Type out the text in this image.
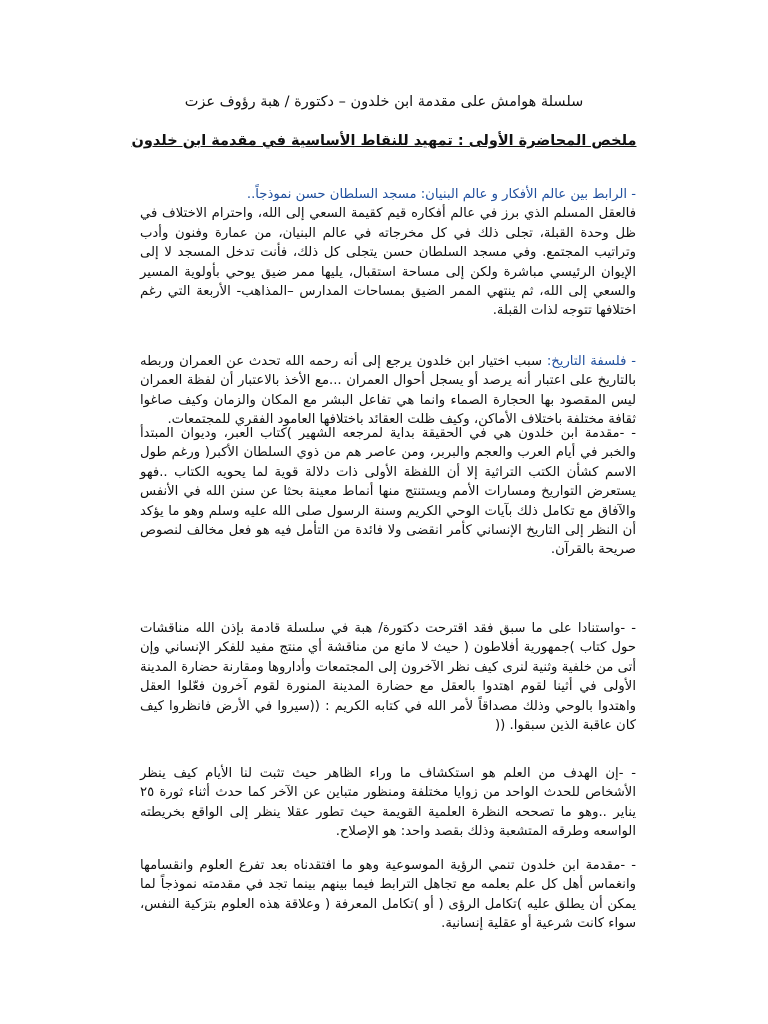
سلسلة هوامش على مقدمة ابن خلدون – دكتورة / هبة رؤوف عزت
ملخص المحاضرة الأولى : تمهيد للنقاط الأساسية في مقدمة ابن خلدون
- الرابط بين عالم الأفكار و عالم البنيان: مسجد السلطان حسن نموذجاً..
فالعقل المسلم الذي برز في عالم أفكاره قيم كقيمة السعي إلى الله، واحترام الاختلاف في ظل وحدة القبلة، تجلى ذلك في كل مخرجاته في عالم البنيان، من عمارة وفنون وأدب وتراتيب المجتمع. وفي مسجد السلطان حسن يتجلى كل ذلك، فأنت تدخل المسجد لا إلى الإيوان الرئيسي مباشرة ولكن إلى مساحة استقبال، يليها ممر ضيق يوحي بأولوية المسير والسعي إلى الله، ثم ينتهي الممر الضيق بمساحات المدارس –المذاهب- الأربعة التي رغم اختلافها تتوجه لذات القبلة.
- فلسفة التاريخ: سبب اختيار ابن خلدون يرجع إلى أنه رحمه الله تحدث عن العمران وربطه بالتاريخ على اعتبار أنه يرصد أو يسجل أحوال العمران ...مع الأخذ بالاعتبار أن لفظة العمران ليس المقصود بها الحجارة الصماء وانما هي تفاعل البشر مع المكان والزمان وكيف صاغوا ثقافة مختلفة باختلاف الأماكن، وكيف ظلت العقائد باختلافها العامود الفقري للمجتمعات.
- -مقدمة ابن خلدون هي في الحقيقة بداية لمرجعه الشهير )كتاب العبر، وديوان المبتدأ والخبر في أيام العرب والعجم والبربر، ومن عاصر هم من ذوي السلطان الأكبر( ورغم طول الاسم كشأن الكتب التراثية إلا أن اللفظة الأولى ذات دلالة قوية لما يحويه الكتاب ..فهو يستعرض التواريخ ومسارات الأمم ويستنتج منها أنماط معينة بحثا عن سنن الله في الأنفس والآفاق مع تكامل ذلك بآيات الوحي الكريم وسنة الرسول صلى الله عليه وسلم وهو ما يؤكد أن النظر إلى التاريخ الإنساني كأمر انقضى ولا فائدة من التأمل فيه هو فعل مخالف لنصوص صريحة بالقرآن.
- -واستنادا على ما سبق فقد اقترحت دكتورة/ هبة في سلسلة قادمة بإذن الله مناقشات حول كتاب )جمهورية أفلاطون ( حيث لا مانع من مناقشة أي منتج مفيد للفكر الإنساني وإن أتى من خلفية وثنية لنرى كيف نظر الآخرون إلى المجتمعات وأداروها ومقارنة حضارة المدينة الأولى في أثينا لقوم اهتدوا بالعقل مع حضارة المدينة المنورة لقوم آخرون فعّلوا العقل واهتدوا بالوحي وذلك مصداقاً لأمر الله في كتابه الكريم : ((سيروا في الأرض فانظروا كيف كان عاقبة الذين سبقوا. ((
- -إن الهدف من العلم هو استكشاف ما وراء الظاهر حيث تثبت لنا الأيام كيف ينظر الأشخاص للحدث الواحد من زوايا مختلفة ومنظور متباين عن الآخر كما حدث أثناء ثورة ٢٥ يناير ..وهو ما تصححه النظرة العلمية القويمة حيث تطور عقلا ينظر إلى الواقع بخريطته الواسعه وطرقه المتشعبة وذلك بقصد واحد: هو الإصلاح.
- -مقدمة ابن خلدون تنمي الرؤية الموسوعية وهو ما افتقدناه بعد تفرع العلوم وانقسامها وانغماس أهل كل علم بعلمه مع تجاهل الترابط فيما بينهم بينما تجد في مقدمته نموذجاً لما يمكن أن يطلق عليه )تكامل الرؤى ( أو )تكامل المعرفة ( وعلاقة هذه العلوم بتزكية النفس، سواء كانت شرعية أو عقلية إنسانية.
